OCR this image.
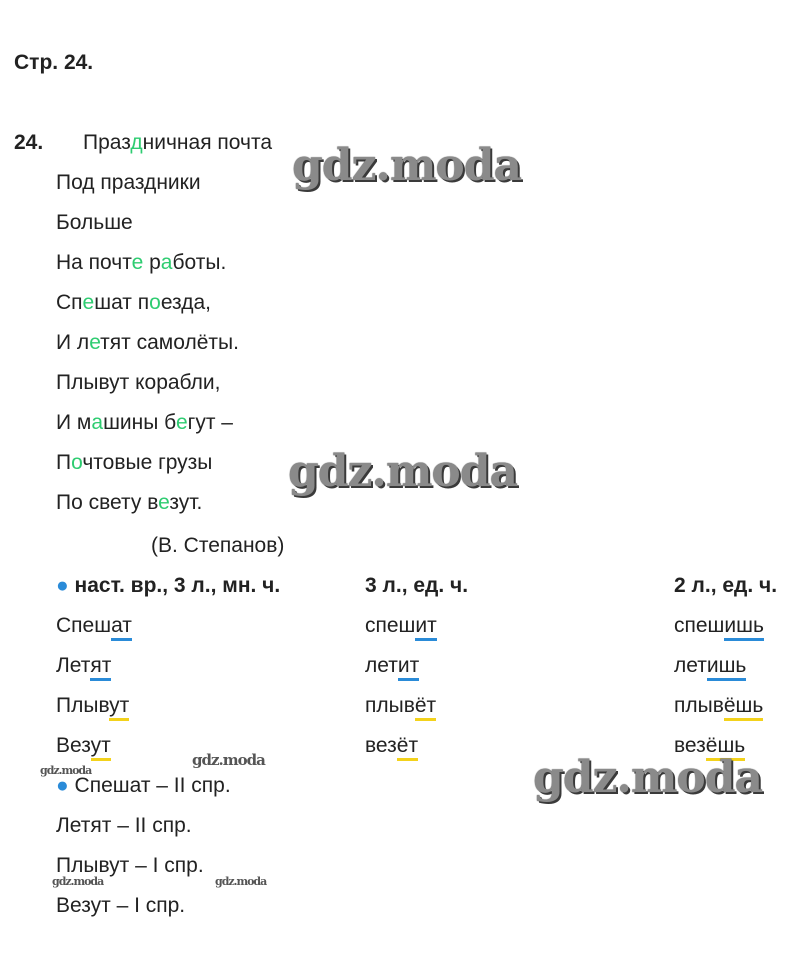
Стр. 24.
24. Праздничная почта
Под праздники
Больше
На почте работы.
Спешат поезда,
И летят самолёты.
Плывут корабли,
И машины бегут –
Почтовые грузы
По свету везут.
(В. Степанов)
● наст. вр., 3 л., мн. ч.	3 л., ед. ч.	2 л., ед. ч.
Спешат	спешит	спешишь
Летят	летит	летишь
Плывут	плывёт	плывёшь
Везут	везёт	везёшь
● Спешат – II спр.
Летят – II спр.
Плывут – I спр.
Везут – I спр.
gdz.moda
gdz.moda
gdz.moda
gdz.moda
gdz.moda
gdz.moda	gdz.moda
